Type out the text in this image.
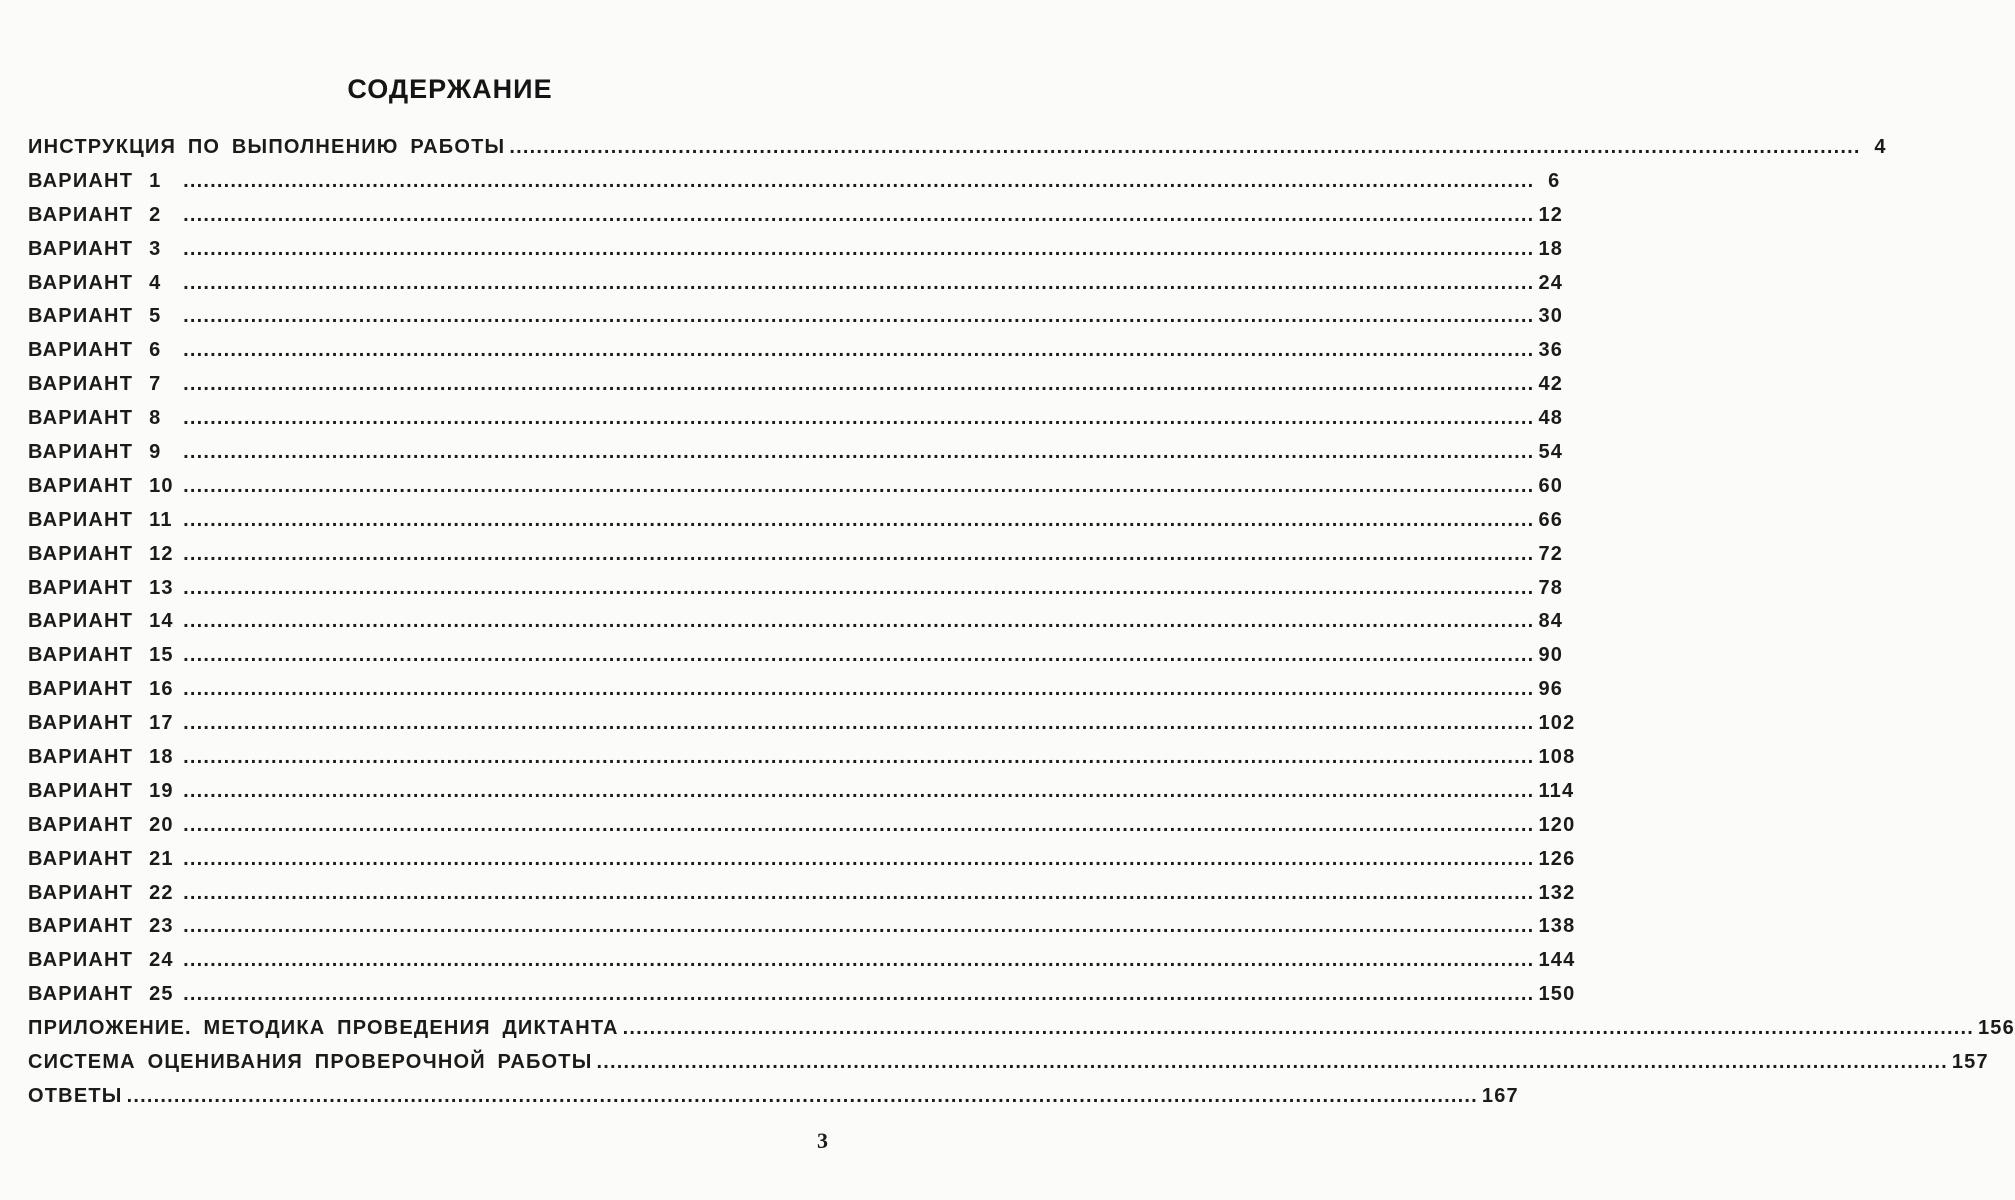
СОДЕРЖАНИЕ
ИНСТРУКЦИЯ ПО ВЫПОЛНЕНИЮ РАБОТЫ ........................................................................................................................................................................................................ 4
ВАРИАНТ 1	........................................................................................................................................................................................................ 6
ВАРИАНТ 2	........................................................................................................................................................................................................ 12
ВАРИАНТ 3	........................................................................................................................................................................................................ 18
ВАРИАНТ 4	........................................................................................................................................................................................................ 24
ВАРИАНТ 5	........................................................................................................................................................................................................ 30
ВАРИАНТ 6	........................................................................................................................................................................................................ 36
ВАРИАНТ 7	........................................................................................................................................................................................................ 42
ВАРИАНТ 8	........................................................................................................................................................................................................ 48
ВАРИАНТ 9	........................................................................................................................................................................................................ 54
ВАРИАНТ 10 ........................................................................................................................................................................................................ 60
ВАРИАНТ 11 ........................................................................................................................................................................................................ 66
ВАРИАНТ 12 ........................................................................................................................................................................................................ 72
ВАРИАНТ 13 ........................................................................................................................................................................................................ 78
ВАРИАНТ 14 ........................................................................................................................................................................................................ 84
ВАРИАНТ 15 ........................................................................................................................................................................................................ 90
ВАРИАНТ 16 ........................................................................................................................................................................................................ 96
ВАРИАНТ 17 ........................................................................................................................................................................................................ 102
ВАРИАНТ 18 ........................................................................................................................................................................................................ 108
ВАРИАНТ 19 ........................................................................................................................................................................................................ 114
ВАРИАНТ 20 ........................................................................................................................................................................................................ 120
ВАРИАНТ 21 ........................................................................................................................................................................................................ 126
ВАРИАНТ 22 ........................................................................................................................................................................................................ 132
ВАРИАНТ 23 ........................................................................................................................................................................................................ 138
ВАРИАНТ 24 ........................................................................................................................................................................................................ 144
ВАРИАНТ 25 ........................................................................................................................................................................................................ 150
ПРИЛОЖЕНИЕ. МЕТОДИКА ПРОВЕДЕНИЯ ДИКТАНТА ........................................................................................................................................................................................................ 156
СИСТЕМА ОЦЕНИВАНИЯ ПРОВЕРОЧНОЙ РАБОТЫ ........................................................................................................................................................................................................ 157
ОТВЕТЫ ........................................................................................................................................................................................................ 167
3
